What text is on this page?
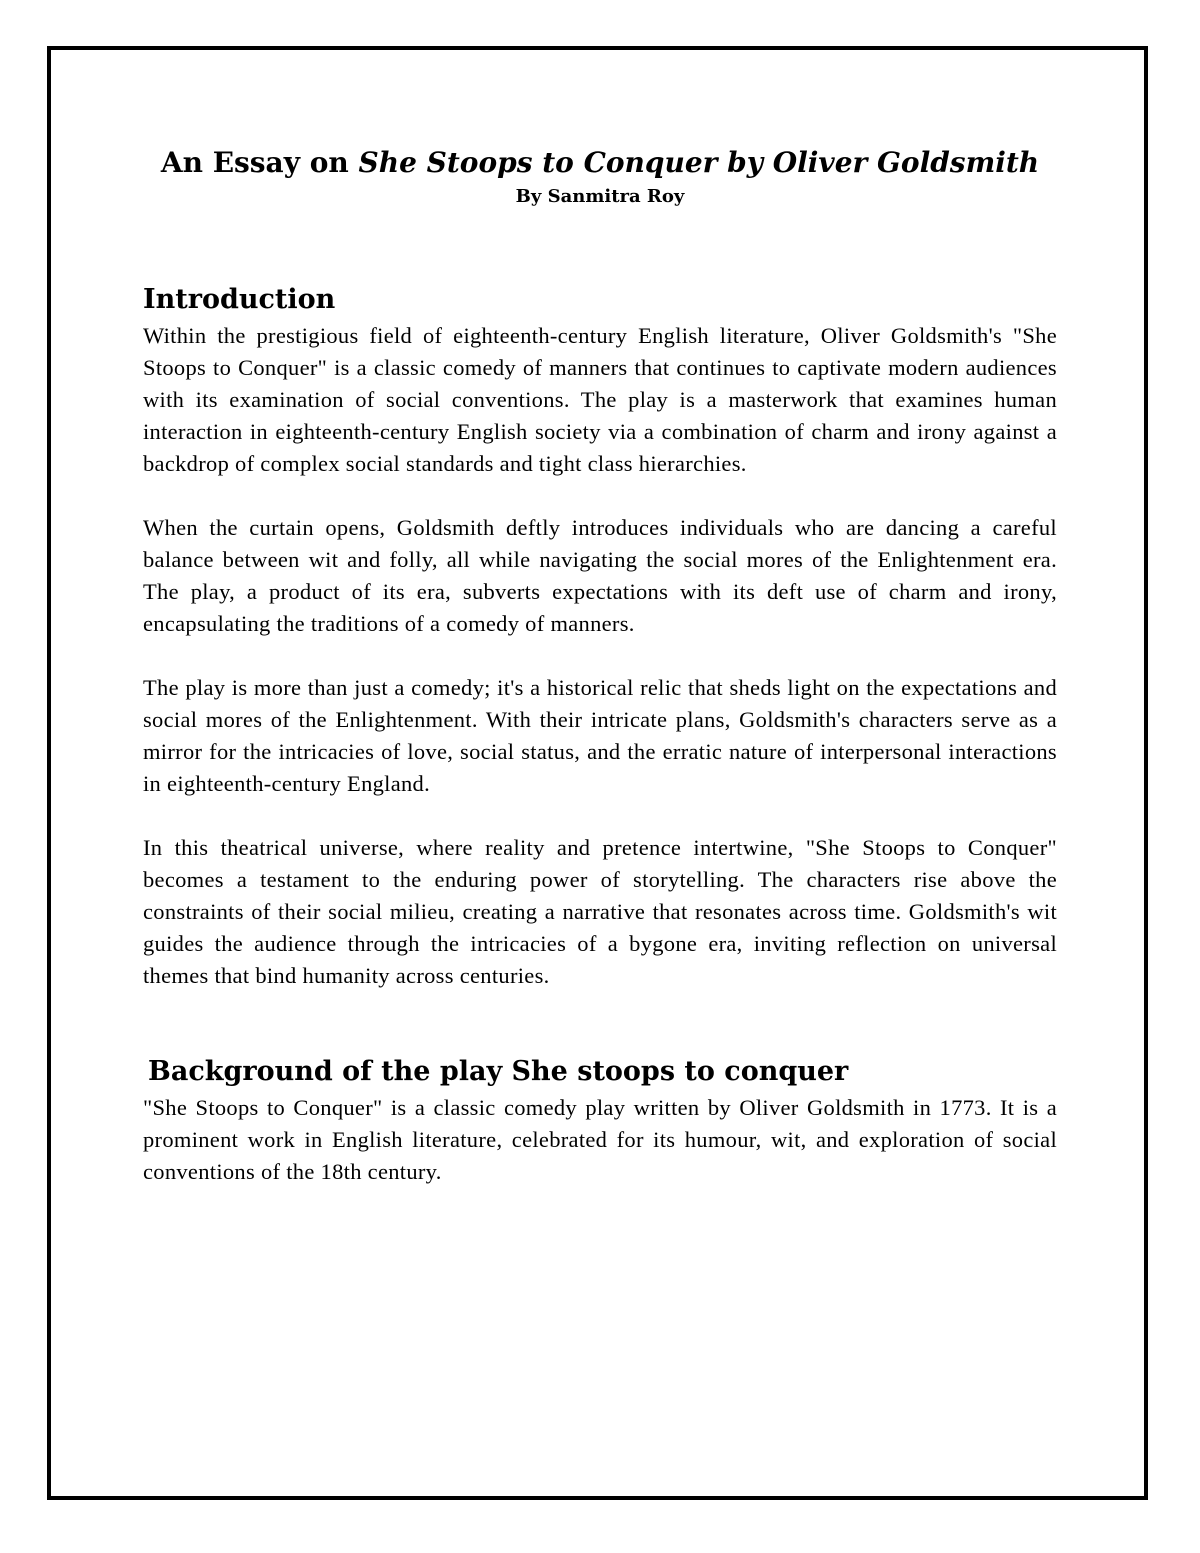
An Essay on She Stoops to Conquer by Oliver Goldsmith

By Sanmitra Roy

Introduction

Within the prestigious field of eighteenth-century English literature, Oliver Goldsmith's "She Stoops to Conquer" is a classic comedy of manners that continues to captivate modern audiences with its examination of social conventions. The play is a masterwork that examines human interaction in eighteenth-century English society via a combination of charm and irony against a backdrop of complex social standards and tight class hierarchies.

When the curtain opens, Goldsmith deftly introduces individuals who are dancing a careful balance between wit and folly, all while navigating the social mores of the Enlightenment era. The play, a product of its era, subverts expectations with its deft use of charm and irony, encapsulating the traditions of a comedy of manners.

The play is more than just a comedy; it's a historical relic that sheds light on the expectations and social mores of the Enlightenment. With their intricate plans, Goldsmith's characters serve as a mirror for the intricacies of love, social status, and the erratic nature of interpersonal interactions in eighteenth-century England.

In this theatrical universe, where reality and pretence intertwine, "She Stoops to Conquer" becomes a testament to the enduring power of storytelling. The characters rise above the constraints of their social milieu, creating a narrative that resonates across time. Goldsmith's wit guides the audience through the intricacies of a bygone era, inviting reflection on universal themes that bind humanity across centuries.

Background of the play She stoops to conquer

"She Stoops to Conquer" is a classic comedy play written by Oliver Goldsmith in 1773. It is a prominent work in English literature, celebrated for its humour, wit, and exploration of social conventions of the 18th century.
